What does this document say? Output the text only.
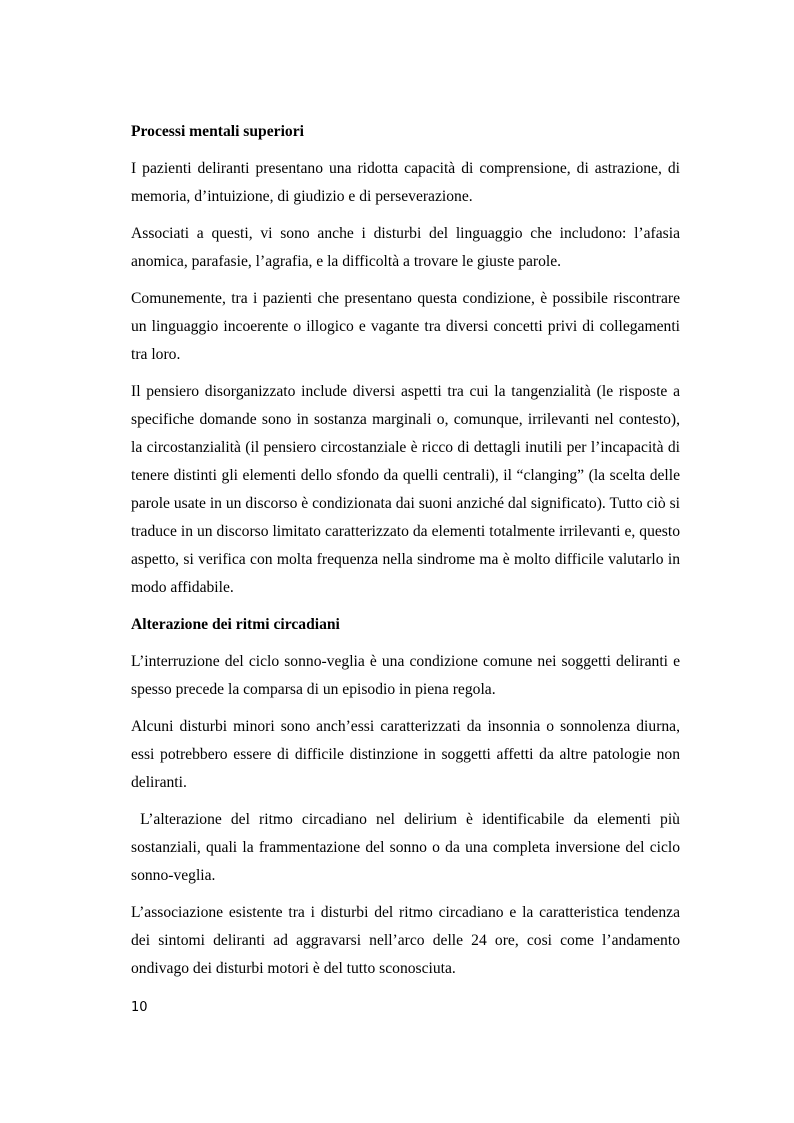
Processi mentali superiori

I pazienti deliranti presentano una ridotta capacità di comprensione, di astrazione, di memoria, d’intuizione, di giudizio e di perseverazione.

Associati a questi, vi sono anche i disturbi del linguaggio che includono: l’afasia anomica, parafasie, l’agrafia, e la difficoltà a trovare le giuste parole.

Comunemente, tra i pazienti che presentano questa condizione, è possibile riscontrare un linguaggio incoerente o illogico e vagante tra diversi concetti privi di collegamenti tra loro.

Il pensiero disorganizzato include diversi aspetti tra cui la tangenzialità (le risposte a specifiche domande sono in sostanza marginali o, comunque, irrilevanti nel contesto), la circostanzialità (il pensiero circostanziale è ricco di dettagli inutili per l’incapacità di tenere distinti gli elementi dello sfondo da quelli centrali), il “clanging” (la scelta delle parole usate in un discorso è condizionata dai suoni anziché dal significato). Tutto ciò si traduce in un discorso limitato caratterizzato da elementi totalmente irrilevanti e, questo aspetto, si verifica con molta frequenza nella sindrome ma è molto difficile valutarlo in modo affidabile.

Alterazione dei ritmi circadiani

L’interruzione del ciclo sonno-veglia è una condizione comune nei soggetti deliranti e spesso precede la comparsa di un episodio in piena regola.

Alcuni disturbi minori sono anch’essi caratterizzati da insonnia o sonnolenza diurna, essi potrebbero essere di difficile distinzione in soggetti affetti da altre patologie non deliranti.

L’alterazione del ritmo circadiano nel delirium è identificabile da elementi più sostanziali, quali la frammentazione del sonno o da una completa inversione del ciclo sonno-veglia.

L’associazione esistente tra i disturbi del ritmo circadiano e la caratteristica tendenza dei sintomi deliranti ad aggravarsi nell’arco delle 24 ore, cosi come l’andamento ondivago dei disturbi motori è del tutto sconosciuta.

10
